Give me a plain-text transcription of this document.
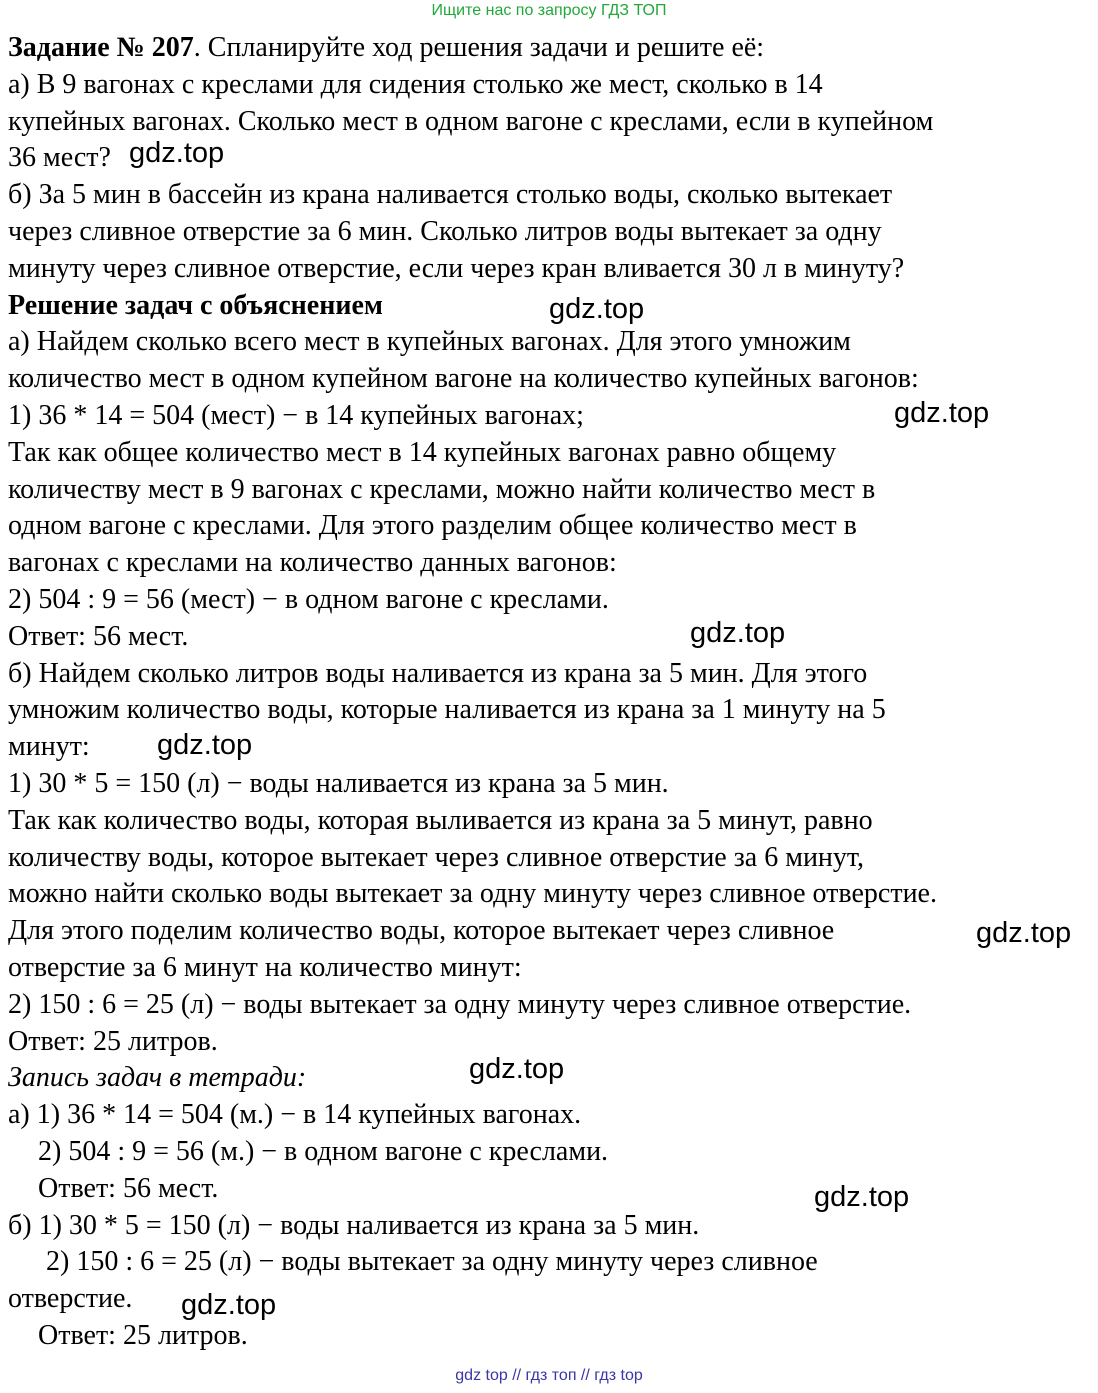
Ищите нас по запросу ГДЗ ТОП

Задание № 207. Спланируйте ход решения задачи и решите её:

а) В 9 вагонах с креслами для сидения столько же мест, сколько в 14

купейных вагонах. Сколько мест в одном вагоне с креслами, если в купейном

36 мест?

б) За 5 мин в бассейн из крана наливается столько воды, сколько вытекает

через сливное отверстие за 6 мин. Сколько литров воды вытекает за одну

минуту через сливное отверстие, если через кран вливается 30 л в минуту?

Решение задач с объяснением

а) Найдем сколько всего мест в купейных вагонах. Для этого умножим

количество мест в одном купейном вагоне на количество купейных вагонов:

1) 36 * 14 = 504 (мест) − в 14 купейных вагонах;

Так как общее количество мест в 14 купейных вагонах равно общему

количеству мест в 9 вагонах с креслами, можно найти количество мест в

одном вагоне с креслами. Для этого разделим общее количество мест в

вагонах с креслами на количество данных вагонов:

2) 504 : 9 = 56 (мест) − в одном вагоне с креслами.

Ответ: 56 мест.

б) Найдем сколько литров воды наливается из крана за 5 мин. Для этого

умножим количество воды, которые наливается из крана за 1 минуту на 5

минут:

1) 30 * 5 = 150 (л) − воды наливается из крана за 5 мин.

Так как количество воды, которая выливается из крана за 5 минут, равно

количеству воды, которое вытекает через сливное отверстие за 6 минут,

можно найти сколько воды вытекает за одну минуту через сливное отверстие.

Для этого поделим количество воды, которое вытекает через сливное

отверстие за 6 минут на количество минут:

2) 150 : 6 = 25 (л) − воды вытекает за одну минуту через сливное отверстие.

Ответ: 25 литров.

Запись задач в тетради:

а) 1) 36 * 14 = 504 (м.) − в 14 купейных вагонах.

2) 504 : 9 = 56 (м.) − в одном вагоне с креслами.

Ответ: 56 мест.

б) 1) 30 * 5 = 150 (л) − воды наливается из крана за 5 мин.

2) 150 : 6 = 25 (л) − воды вытекает за одну минуту через сливное

отверстие.

Ответ: 25 литров.

gdz.top
gdz.top
gdz.top
gdz.top
gdz.top
gdz.top
gdz.top
gdz.top
gdz.top
gdz top // гдз топ // гдз top
